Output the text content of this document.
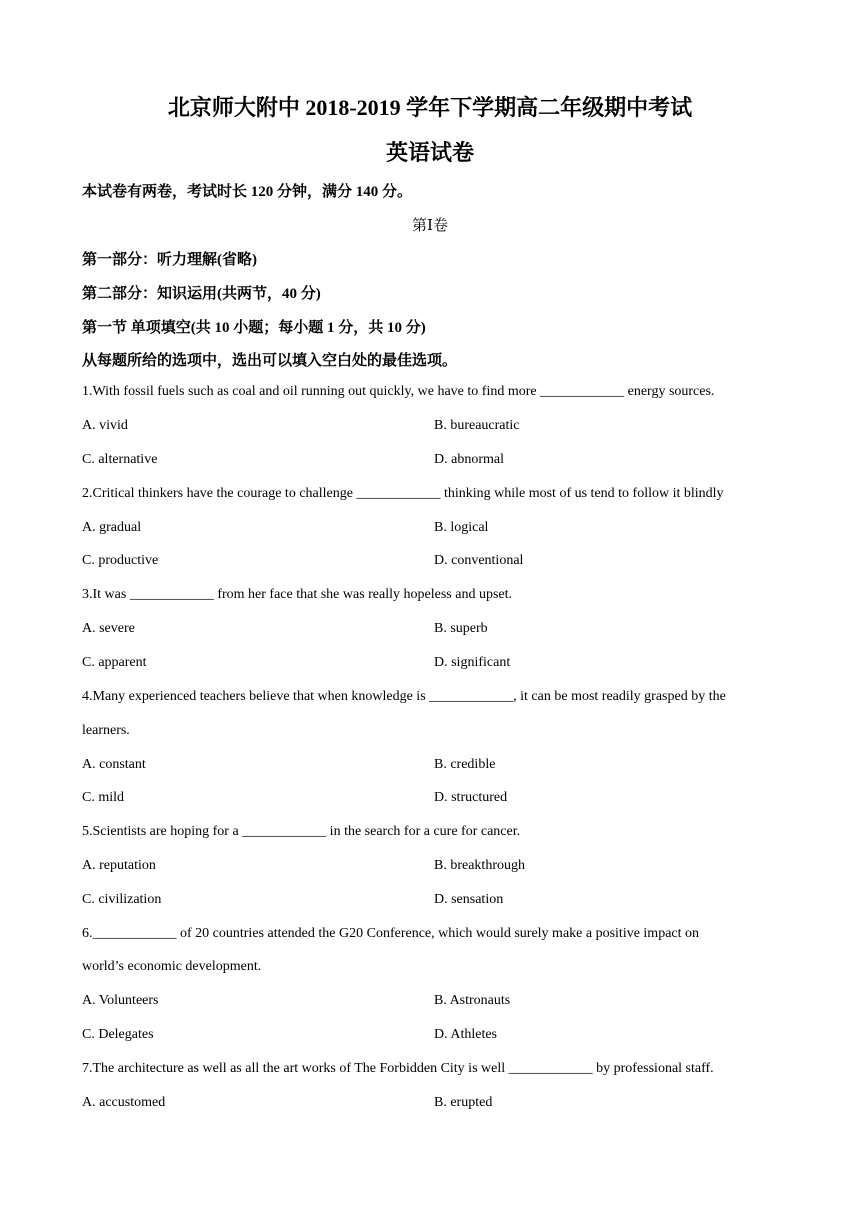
北京师大附中 2018-2019 学年下学期高二年级期中考试
英语试卷
本试卷有两卷，考试时长 120 分钟，满分 140 分。
第Ⅰ卷
第一部分：听力理解(省略)
第二部分：知识运用(共两节，40 分)
第一节 单项填空(共 10 小题；每小题 1 分，共 10 分)
从每题所给的选项中，选出可以填入空白处的最佳选项。
1.With fossil fuels such as coal and oil running out quickly, we have to find more ____________ energy sources.
A. vivid	B. bureaucratic
C. alternative	D. abnormal
2.Critical thinkers have the courage to challenge ____________ thinking while most of us tend to follow it blindly
A. gradual	B. logical
C. productive	D. conventional
3.It was ____________ from her face that she was really hopeless and upset.
A. severe	B. superb
C. apparent	D. significant
4.Many experienced teachers believe that when knowledge is ____________, it can be most readily grasped by the
learners.
A. constant	B. credible
C. mild	D. structured
5.Scientists are hoping for a ____________ in the search for a cure for cancer.
A. reputation	B. breakthrough
C. civilization	D. sensation
6.____________ of 20 countries attended the G20 Conference, which would surely make a positive impact on
world’s economic development.
A. Volunteers	B. Astronauts
C. Delegates	D. Athletes
7.The architecture as well as all the art works of The Forbidden City is well ____________ by professional staff.
A. accustomed	B. erupted
